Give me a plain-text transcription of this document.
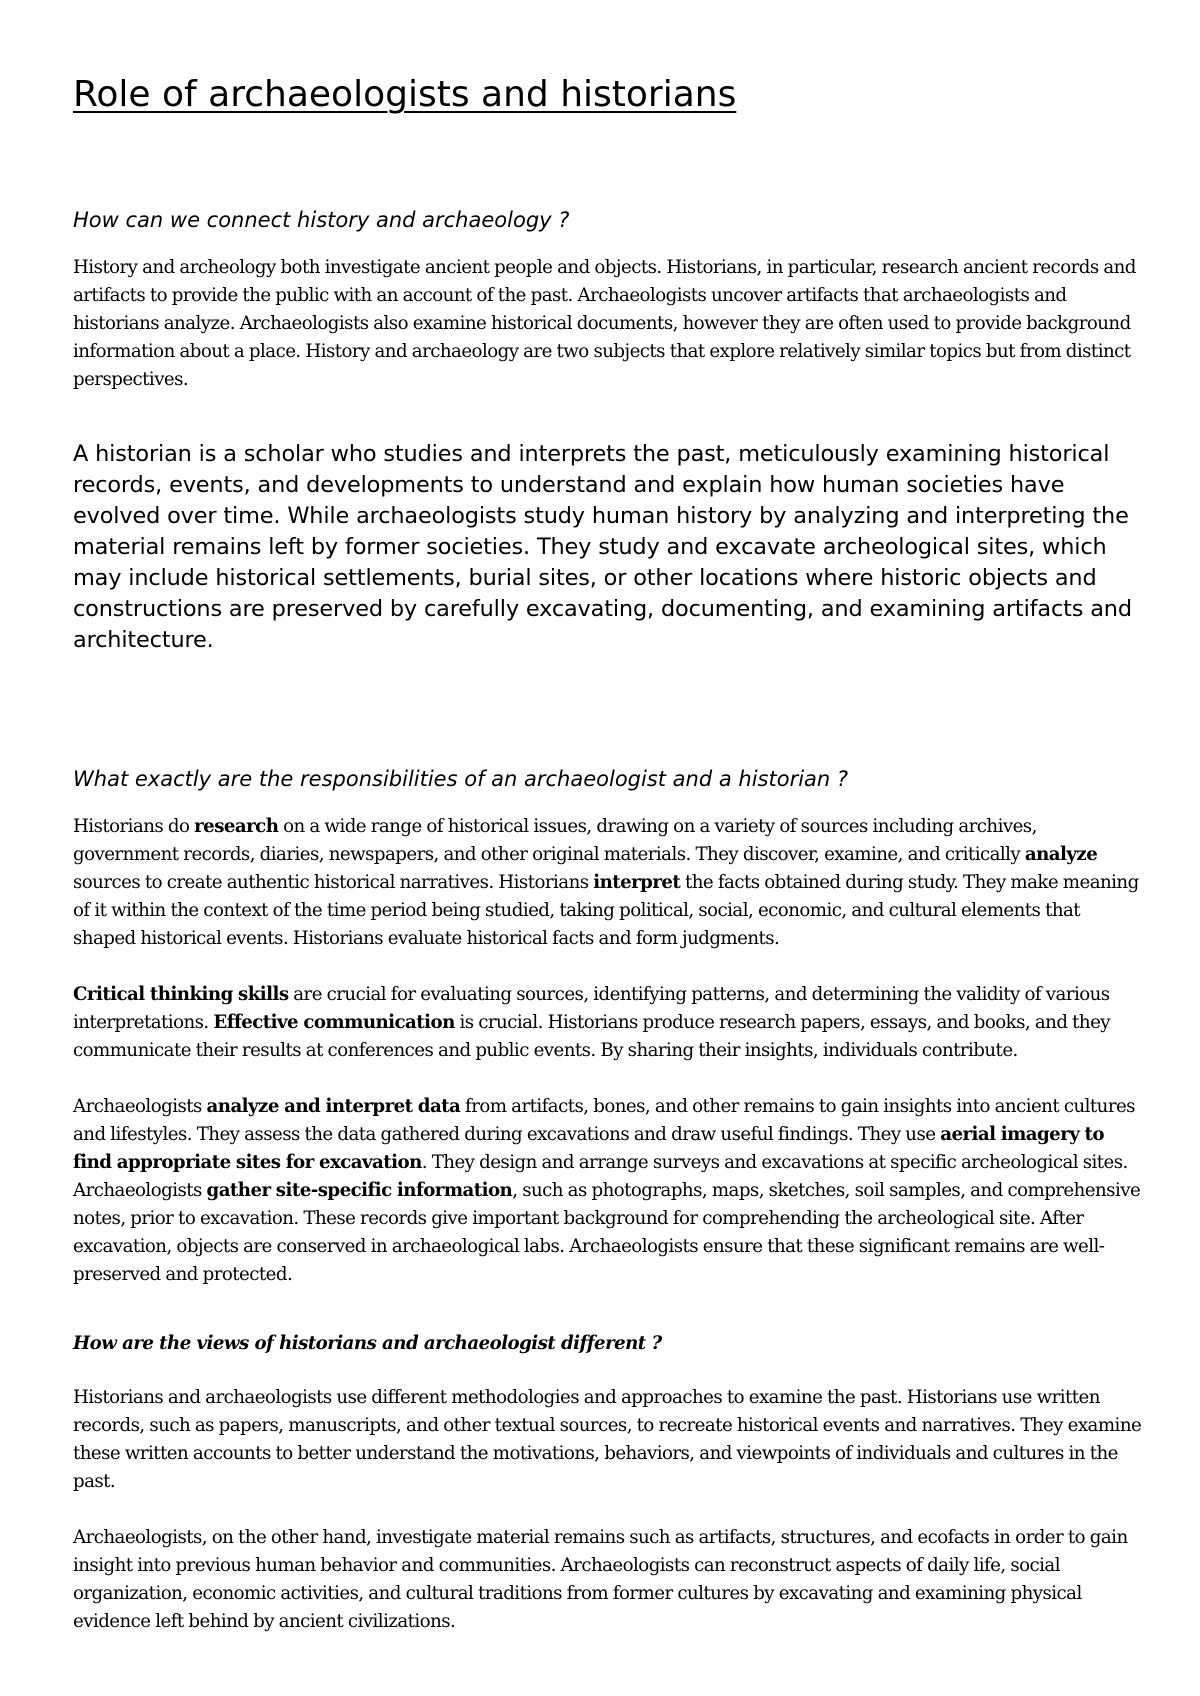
Role of archaeologists and historians
How can we connect history and archaeology ?

History and archeology both investigate ancient people and objects. Historians, in particular, research ancient records and artifacts to provide the public with an account of the past. Archaeologists uncover artifacts that archaeologists and historians analyze. Archaeologists also examine historical documents, however they are often used to provide background information about a place. History and archaeology are two subjects that explore relatively similar topics but from distinct perspectives.

A historian is a scholar who studies and interprets the past, meticulously examining historical records, events, and developments to understand and explain how human societies have evolved over time. While archaeologists study human history by analyzing and interpreting the material remains left by former societies. They study and excavate archeological sites, which may include historical settlements, burial sites, or other locations where historic objects and constructions are preserved by carefully excavating, documenting, and examining artifacts and architecture.

What exactly are the responsibilities of an archaeologist and a historian ?

Historians do research on a wide range of historical issues, drawing on a variety of sources including archives, government records, diaries, newspapers, and other original materials. They discover, examine, and critically analyze sources to create authentic historical narratives. Historians interpret the facts obtained during study. They make meaning of it within the context of the time period being studied, taking political, social, economic, and cultural elements that shaped historical events. Historians evaluate historical facts and form judgments.

Critical thinking skills are crucial for evaluating sources, identifying patterns, and determining the validity of various interpretations. Effective communication is crucial. Historians produce research papers, essays, and books, and they communicate their results at conferences and public events. By sharing their insights, individuals contribute.

Archaeologists analyze and interpret data from artifacts, bones, and other remains to gain insights into ancient cultures and lifestyles. They assess the data gathered during excavations and draw useful findings. They use aerial imagery to find appropriate sites for excavation. They design and arrange surveys and excavations at specific archeological sites. Archaeologists gather site-specific information, such as photographs, maps, sketches, soil samples, and comprehensive notes, prior to excavation. These records give important background for comprehending the archeological site. After excavation, objects are conserved in archaeological labs. Archaeologists ensure that these significant remains are well-preserved and protected.

How are the views of historians and archaeologist different ?

Historians and archaeologists use different methodologies and approaches to examine the past. Historians use written records, such as papers, manuscripts, and other textual sources, to recreate historical events and narratives. They examine these written accounts to better understand the motivations, behaviors, and viewpoints of individuals and cultures in the past.

Archaeologists, on the other hand, investigate material remains such as artifacts, structures, and ecofacts in order to gain insight into previous human behavior and communities. Archaeologists can reconstruct aspects of daily life, social organization, economic activities, and cultural traditions from former cultures by excavating and examining physical evidence left behind by ancient civilizations.
